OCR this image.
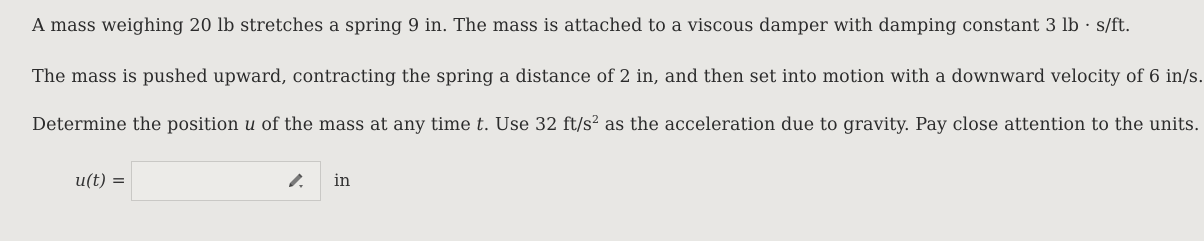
A mass weighing 20 lb stretches a spring 9 in. The mass is attached to a viscous damper with damping constant 3 lb · s/ft.
The mass is pushed upward, contracting the spring a distance of 2 in, and then set into motion with a downward velocity of 6 in/s.
Determine the position u of the mass at any time t. Use 32 $ft/s^2$ as the acceleration due to gravity. Pay close attention to the units.
u(t) =	in
